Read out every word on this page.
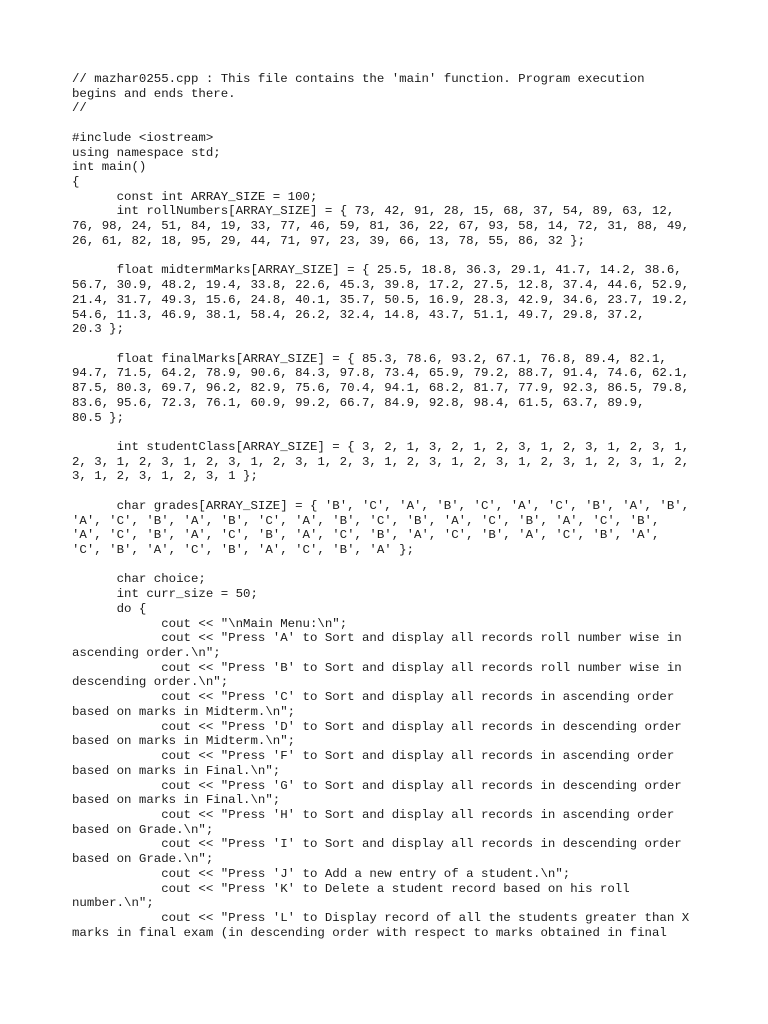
// mazhar0255.cpp : This file contains the 'main' function. Program execution
begins and ends there.
//
#include <iostream>
using namespace std;
int main()
{
	const int ARRAY_SIZE = 100;
	int rollNumbers[ARRAY_SIZE] = { 73, 42, 91, 28, 15, 68, 37, 54, 89, 63, 12,
76, 98, 24, 51, 84, 19, 33, 77, 46, 59, 81, 36, 22, 67, 93, 58, 14, 72, 31, 88, 49,
26, 61, 82, 18, 95, 29, 44, 71, 97, 23, 39, 66, 13, 78, 55, 86, 32 };
	float midtermMarks[ARRAY_SIZE] = { 25.5, 18.8, 36.3, 29.1, 41.7, 14.2, 38.6,
56.7, 30.9, 48.2, 19.4, 33.8, 22.6, 45.3, 39.8, 17.2, 27.5, 12.8, 37.4, 44.6, 52.9,
21.4, 31.7, 49.3, 15.6, 24.8, 40.1, 35.7, 50.5, 16.9, 28.3, 42.9, 34.6, 23.7, 19.2,
54.6, 11.3, 46.9, 38.1, 58.4, 26.2, 32.4, 14.8, 43.7, 51.1, 49.7, 29.8, 37.2,
20.3 };
	float finalMarks[ARRAY_SIZE] = { 85.3, 78.6, 93.2, 67.1, 76.8, 89.4, 82.1,
94.7, 71.5, 64.2, 78.9, 90.6, 84.3, 97.8, 73.4, 65.9, 79.2, 88.7, 91.4, 74.6, 62.1,
87.5, 80.3, 69.7, 96.2, 82.9, 75.6, 70.4, 94.1, 68.2, 81.7, 77.9, 92.3, 86.5, 79.8,
83.6, 95.6, 72.3, 76.1, 60.9, 99.2, 66.7, 84.9, 92.8, 98.4, 61.5, 63.7, 89.9,
80.5 };
	int studentClass[ARRAY_SIZE] = { 3, 2, 1, 3, 2, 1, 2, 3, 1, 2, 3, 1, 2, 3, 1,
2, 3, 1, 2, 3, 1, 2, 3, 1, 2, 3, 1, 2, 3, 1, 2, 3, 1, 2, 3, 1, 2, 3, 1, 2, 3, 1, 2,
3, 1, 2, 3, 1, 2, 3, 1 };
	char grades[ARRAY_SIZE] = { 'B', 'C', 'A', 'B', 'C', 'A', 'C', 'B', 'A', 'B',
'A', 'C', 'B', 'A', 'B', 'C', 'A', 'B', 'C', 'B', 'A', 'C', 'B', 'A', 'C', 'B',
'A', 'C', 'B', 'A', 'C', 'B', 'A', 'C', 'B', 'A', 'C', 'B', 'A', 'C', 'B', 'A',
'C', 'B', 'A', 'C', 'B', 'A', 'C', 'B', 'A' };
	char choice;
	int curr_size = 50;
	do {
		cout << "\nMain Menu:\n";
		cout << "Press 'A' to Sort and display all records roll number wise in
ascending order.\n";
		cout << "Press 'B' to Sort and display all records roll number wise in
descending order.\n";
		cout << "Press 'C' to Sort and display all records in ascending order
based on marks in Midterm.\n";
		cout << "Press 'D' to Sort and display all records in descending order
based on marks in Midterm.\n";
		cout << "Press 'F' to Sort and display all records in ascending order
based on marks in Final.\n";
		cout << "Press 'G' to Sort and display all records in descending order
based on marks in Final.\n";
		cout << "Press 'H' to Sort and display all records in ascending order
based on Grade.\n";
		cout << "Press 'I' to Sort and display all records in descending order
based on Grade.\n";
		cout << "Press 'J' to Add a new entry of a student.\n";
		cout << "Press 'K' to Delete a student record based on his roll
number.\n";
		cout << "Press 'L' to Display record of all the students greater than X
marks in final exam (in descending order with respect to marks obtained in final
